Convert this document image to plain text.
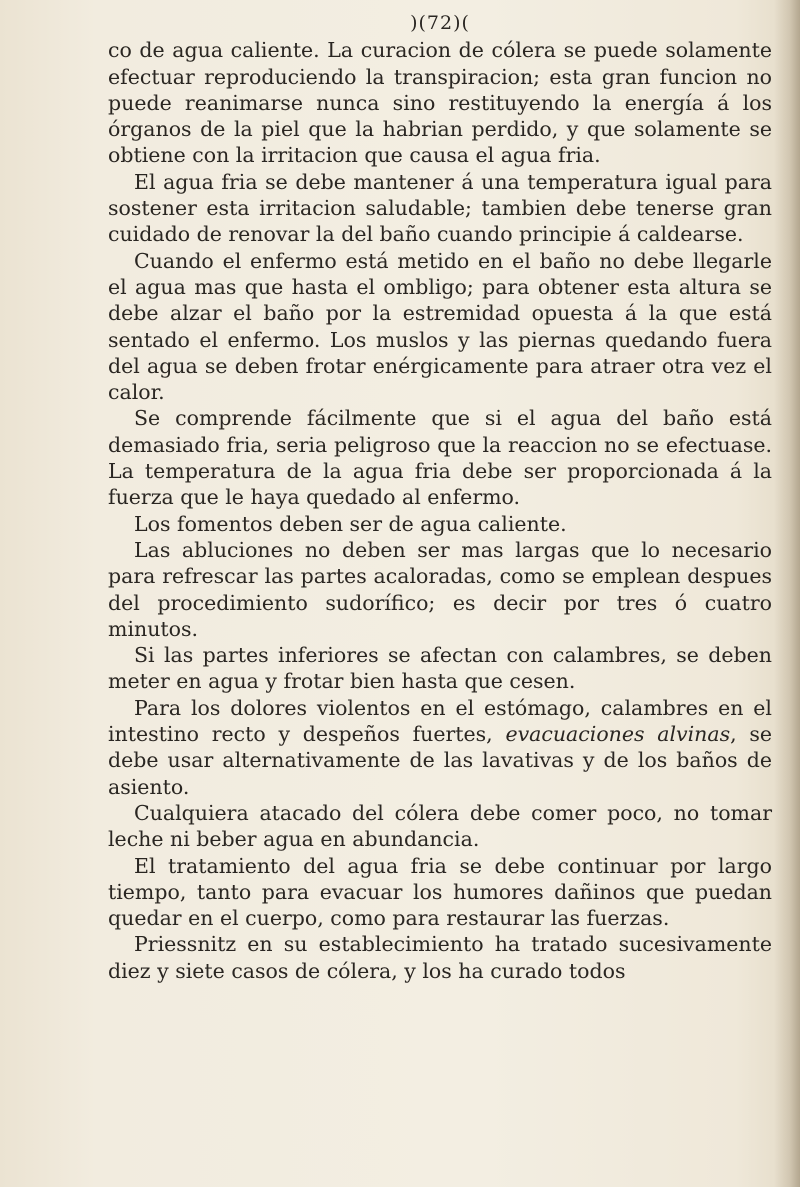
)(72)(

co de agua caliente. La curacion de cólera se puede solamente efectuar reproduciendo la transpiracion; esta gran funcion no puede reanimarse nunca sino restituyendo la energía á los órganos de la piel que la habrian perdido, y que solamente se obtiene con la irritacion que causa el agua fria.

El agua fria se debe mantener á una temperatura igual para sostener esta irritacion saludable; tambien debe tenerse gran cuidado de renovar la del baño cuando principie á caldearse.

Cuando el enfermo está metido en el baño no debe llegarle el agua mas que hasta el ombligo; para obtener esta altura se debe alzar el baño por la estremidad opuesta á la que está sentado el enfermo. Los muslos y las piernas quedando fuera del agua se deben frotar enérgicamente para atraer otra vez el calor.

Se comprende fácilmente que si el agua del baño está demasiado fria, seria peligroso que la reaccion no se efectuase. La temperatura de la agua fria debe ser proporcionada á la fuerza que le haya quedado al enfermo.

Los fomentos deben ser de agua caliente.

Las abluciones no deben ser mas largas que lo necesario para refrescar las partes acaloradas, como se emplean despues del procedimiento sudorífico; es decir por tres ó cuatro minutos.

Si las partes inferiores se afectan con calambres, se deben meter en agua y frotar bien hasta que cesen.

Para los dolores violentos en el estómago, calambres en el intestino recto y despeños fuertes, evacuaciones alvinas, se debe usar alternativamente de las lavativas y de los baños de asiento.

Cualquiera atacado del cólera debe comer poco, no tomar leche ni beber agua en abundancia.

El tratamiento del agua fria se debe continuar por largo tiempo, tanto para evacuar los humores dañinos que puedan quedar en el cuerpo, como para restaurar las fuerzas.

Priessnitz en su establecimiento ha tratado sucesivamente diez y siete casos de cólera, y los ha curado todos
